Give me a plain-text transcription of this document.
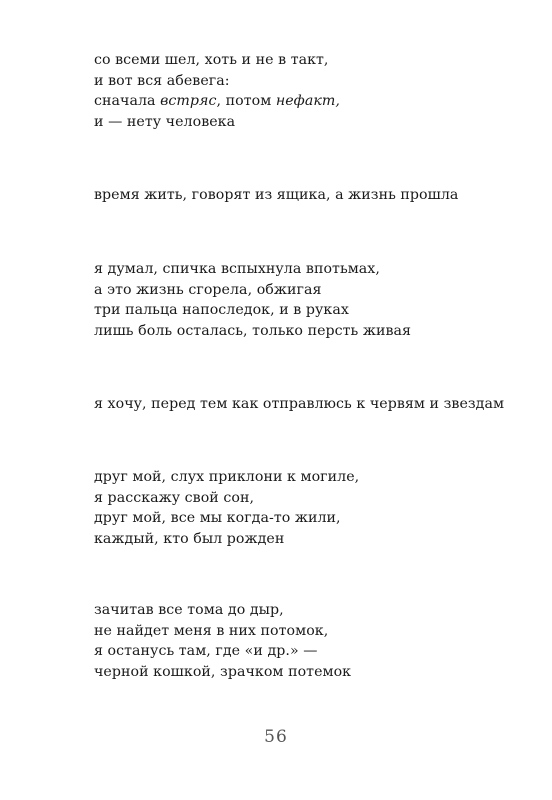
со всеми шел, хоть и не в такт,
и вот вся абевега:
сначала встряс, потом нефакт,
и — нету человека
время жить, говорят из ящика, а жизнь прошла
я думал, спичка вспыхнула впотьмах,
а это жизнь сгорела, обжигая
три пальца напоследок, и в руках
лишь боль осталась, только персть живая
я хочу, перед тем как отправлюсь к червям и звездам
друг мой, слух приклони к могиле,
я расскажу свой сон,
друг мой, все мы когда-то жили,
каждый, кто был рожден
зачитав все тома до дыр,
не найдет меня в них потомок,
я останусь там, где «и др.» —
черной кошкой, зрачком потемок
56
